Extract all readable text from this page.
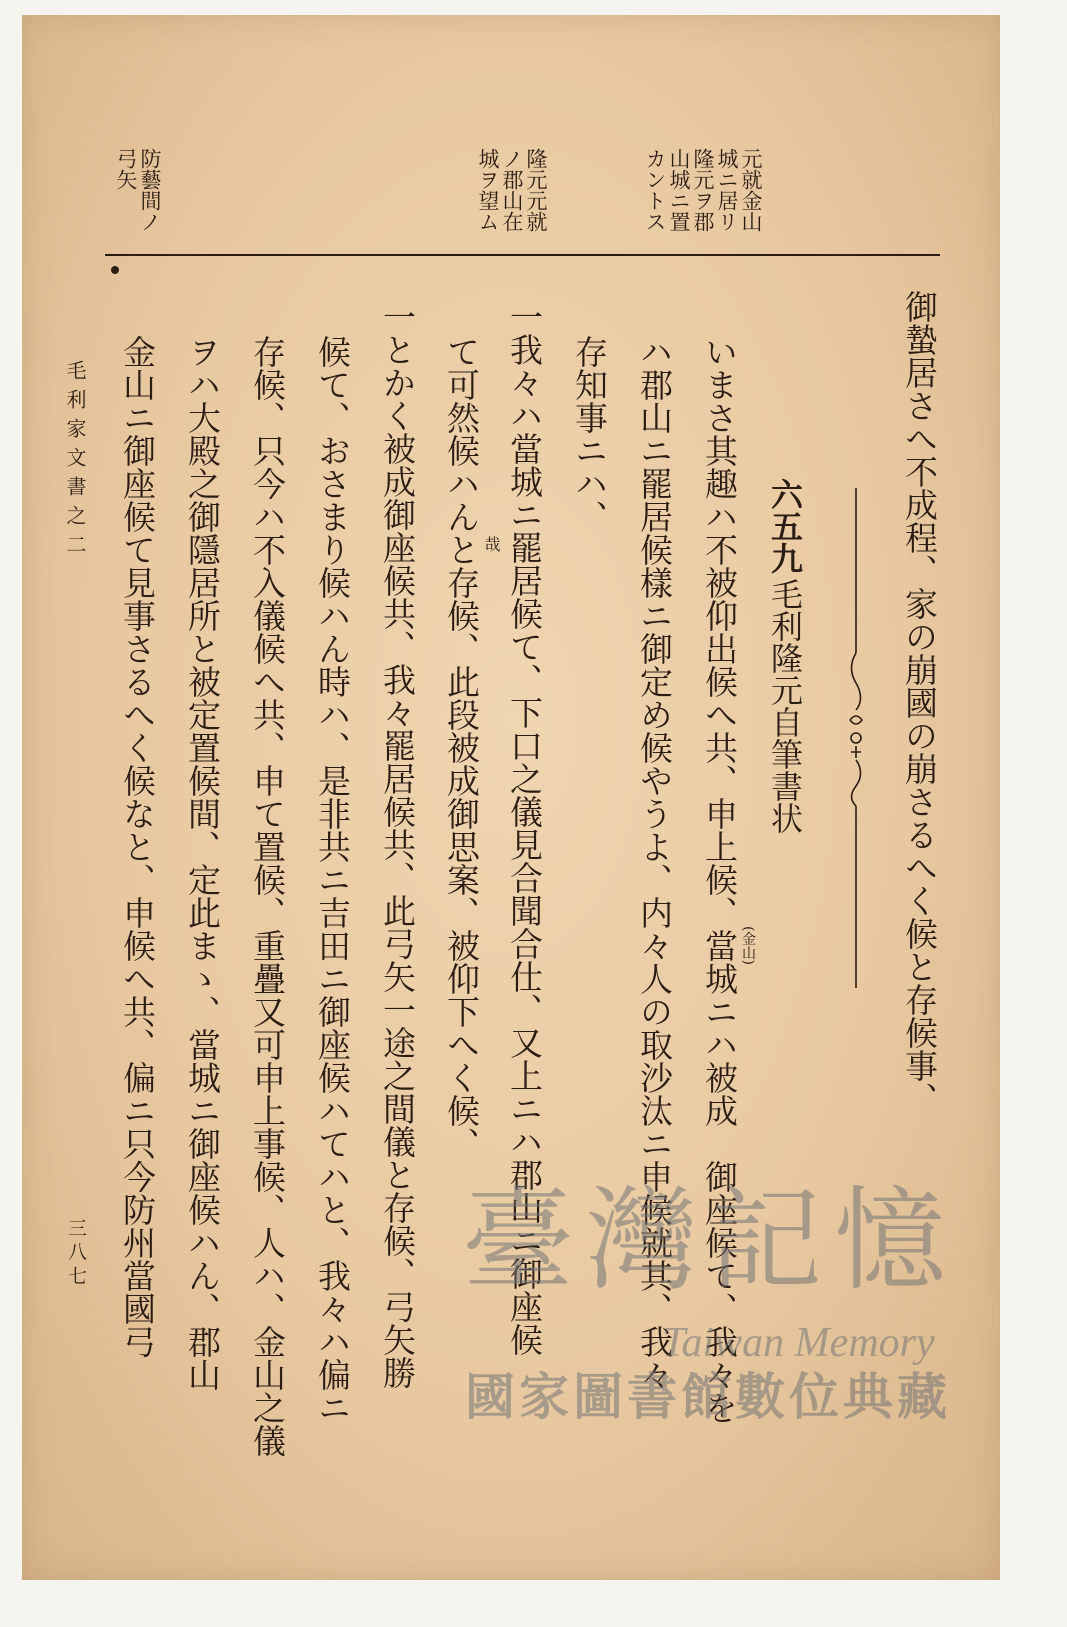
元就金山城ニ居リ隆元ヲ郡山城ニ置カントス
隆元元就ノ郡山在城ヲ望ム
防藝間ノ弓矢
御蟄居さへ不成程、家の崩國の崩さるへく候と存候事、
六五九
毛利隆元自筆書状
いまさ其趣ハ不被仰出候へ共、申上候、當城ニハ被成　御座候て、我々を (金山)
ハ郡山ニ罷居候樣ニ御定め候やうよ、内々人の取沙汰ニ申候就其、我々
存知事ニハ、
一我々ハ當城ニ罷居候て、下口之儀見合聞合仕、又上ニハ郡山ニ御座候
哉
て可然候ハんと存候、此段被成御思案、被仰下へく候、
一とかく被成御座候共、我々罷居候共、此弓矢一途之間儀と存候、弓矢勝
候て、おさまり候ハん時ハ、是非共ニ吉田ニ御座候ハてハと、我々ハ偏ニ
存候、只今ハ不入儀候へ共、申て置候、重疊又可申上事候、人ハ、金山之儀
ヲハ大殿之御隱居所と被定置候間、定此まゝ、當城ニ御座候ハん、郡山
金山ニ御座候て見事さるへく候なと、申候へ共、偏ニ只今防州當國弓
毛利家文書之二
三八七	臺灣記憶
Taiwan Memory
國家圖書館數位典藏
